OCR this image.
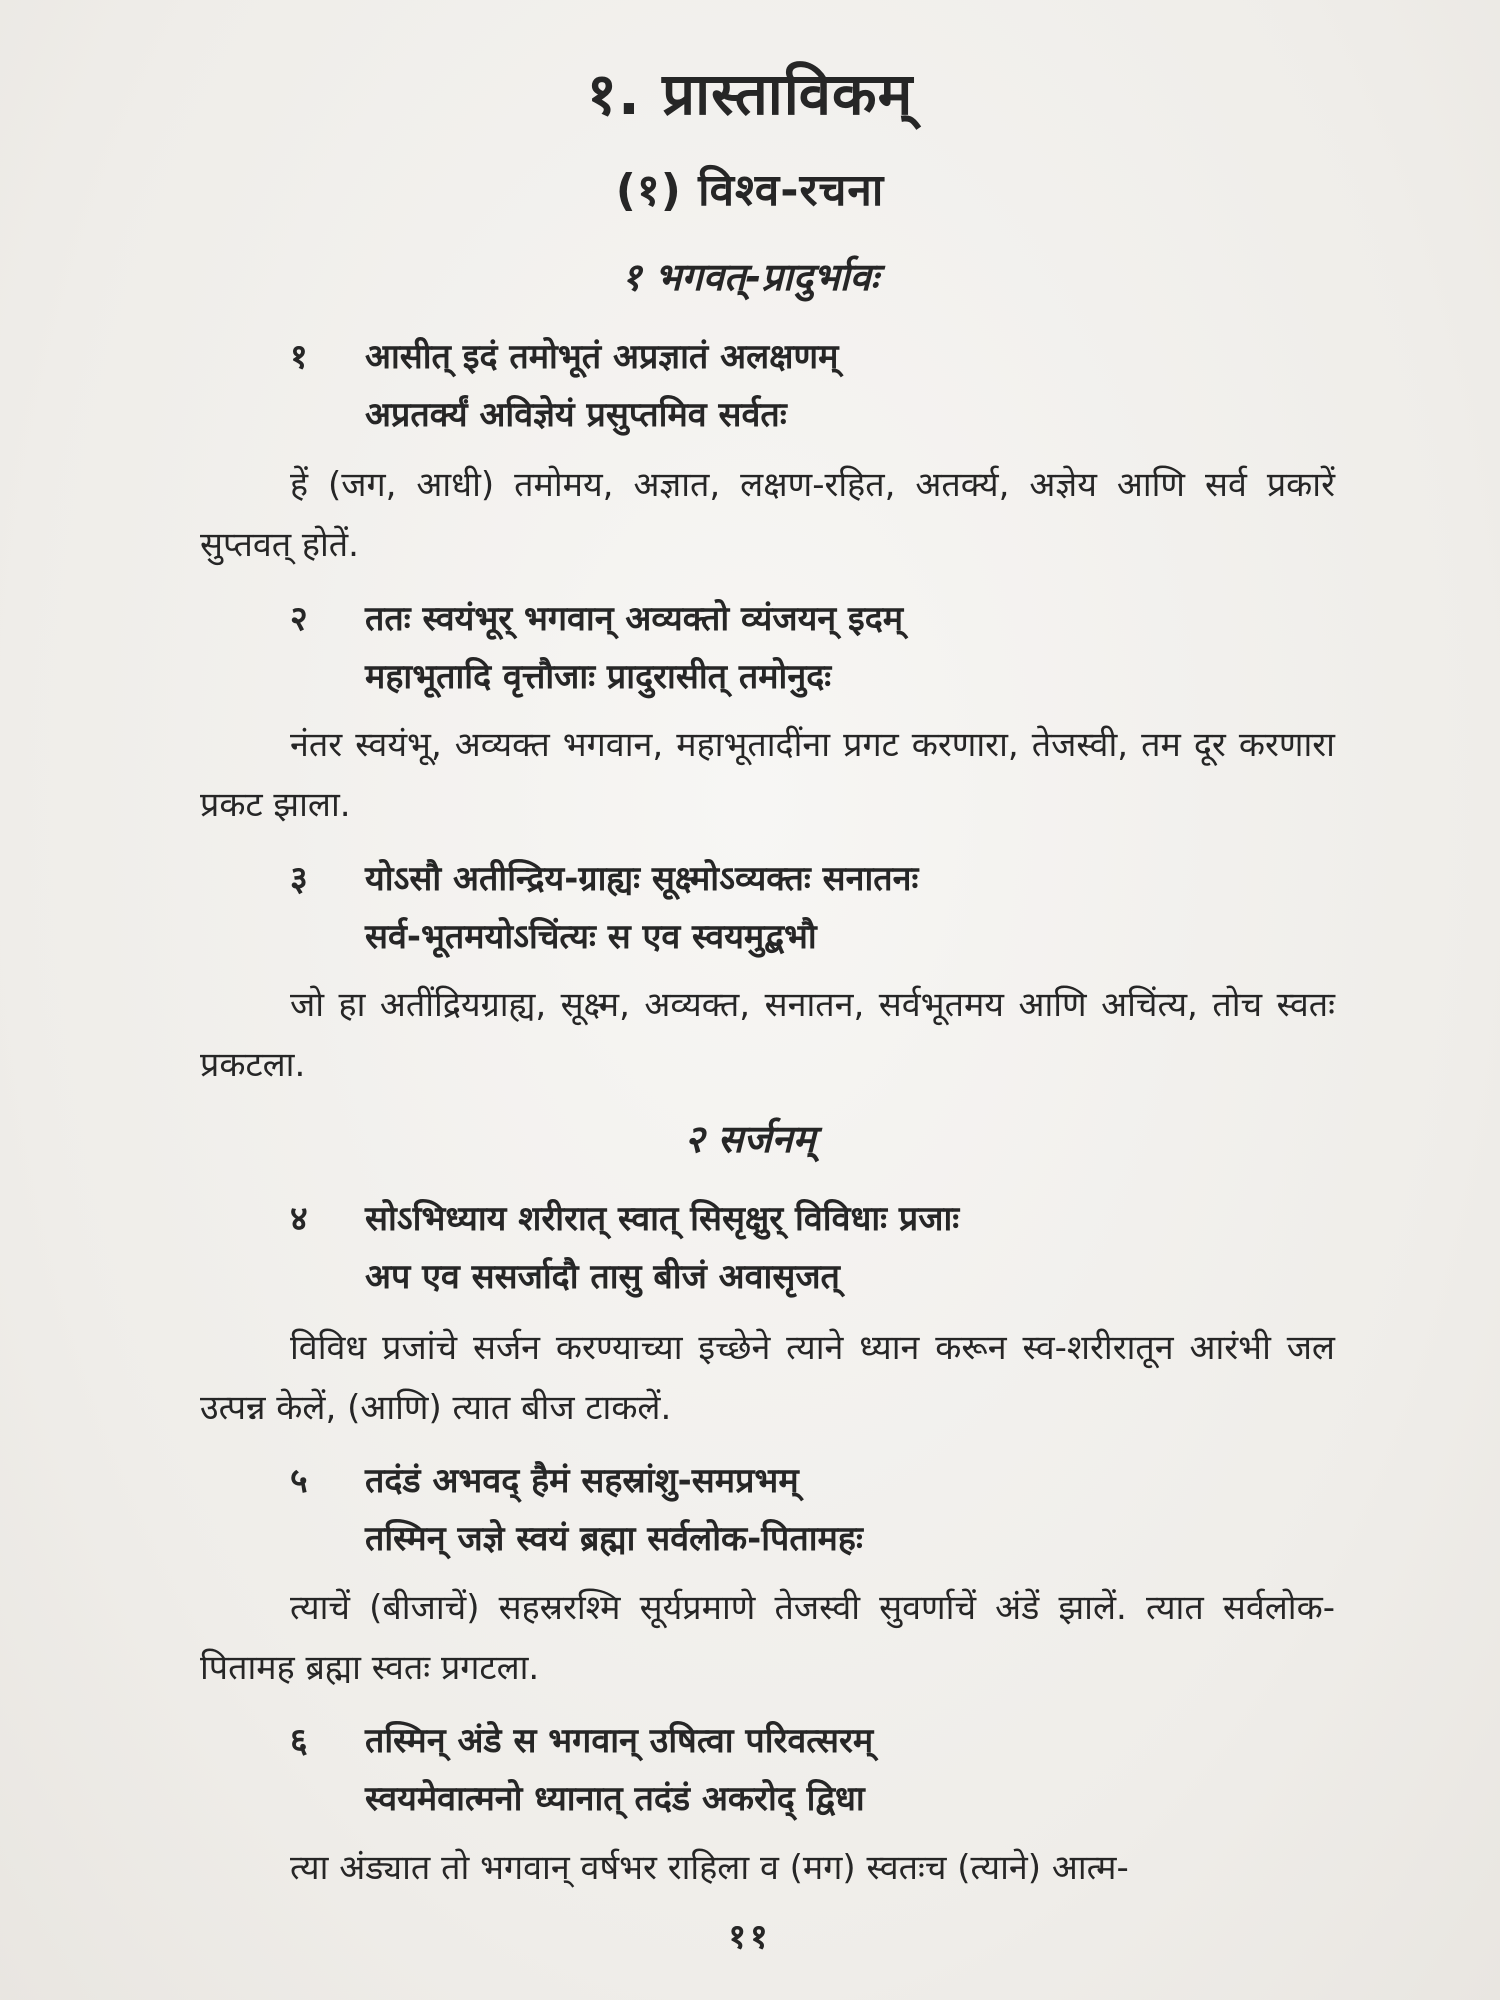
१. प्रास्ताविकम्
(१) विश्व-रचना
१ भगवत्-प्रादुर्भावः
१	आसीत् इदं तमोभूतं अप्रज्ञातं अलक्षणम्
अप्रतर्क्यं अविज्ञेयं प्रसुप्तमिव सर्वतः
हें (जग, आधी) तमोमय, अज्ञात, लक्षण-रहित, अतर्क्य, अज्ञेय आणि सर्व प्रकारें सुप्तवत् होतें.
२	ततः स्वयंभूर् भगवान् अव्यक्तो व्यंजयन् इदम्
महाभूतादि वृत्तौजाः प्रादुरासीत् तमोनुदः
नंतर स्वयंभू, अव्यक्त भगवान, महाभूतादींना प्रगट करणारा, तेजस्वी, तम दूर करणारा प्रकट झाला.
३	योऽसौ अतीन्द्रिय-ग्राह्यः सूक्ष्मोऽव्यक्तः सनातनः
सर्व-भूतमयोऽचिंत्यः स एव स्वयमुद्बभौ
जो हा अतींद्रियग्राह्य, सूक्ष्म, अव्यक्त, सनातन, सर्वभूतमय आणि अचिंत्य, तोच स्वतः प्रकटला.
२ सर्जनम्
४	सोऽभिध्याय शरीरात् स्वात् सिसृक्षुर् विविधाः प्रजाः
अप एव ससर्जादौ तासु बीजं अवासृजत्
विविध प्रजांचे सर्जन करण्याच्या इच्छेने त्याने ध्यान करून स्व-शरीरातून आरंभी जल उत्पन्न केलें, (आणि) त्यात बीज टाकलें.
५	तदंडं अभवद् हैमं सहस्रांशु-समप्रभम्
तस्मिन् जज्ञे स्वयं ब्रह्मा सर्वलोक-पितामहः
त्याचें (बीजाचें) सहस्ररश्मि सूर्यप्रमाणे तेजस्वी सुवर्णाचें अंडें झालें. त्यात सर्वलोक-पितामह ब्रह्मा स्वतः प्रगटला.
६	तस्मिन् अंडे स भगवान् उषित्वा परिवत्सरम्
स्वयमेवात्मनो ध्यानात् तदंडं अकरोद् द्विधा
त्या अंड्यात तो भगवान् वर्षभर राहिला व (मग) स्वतःच (त्याने) आत्म-
११
